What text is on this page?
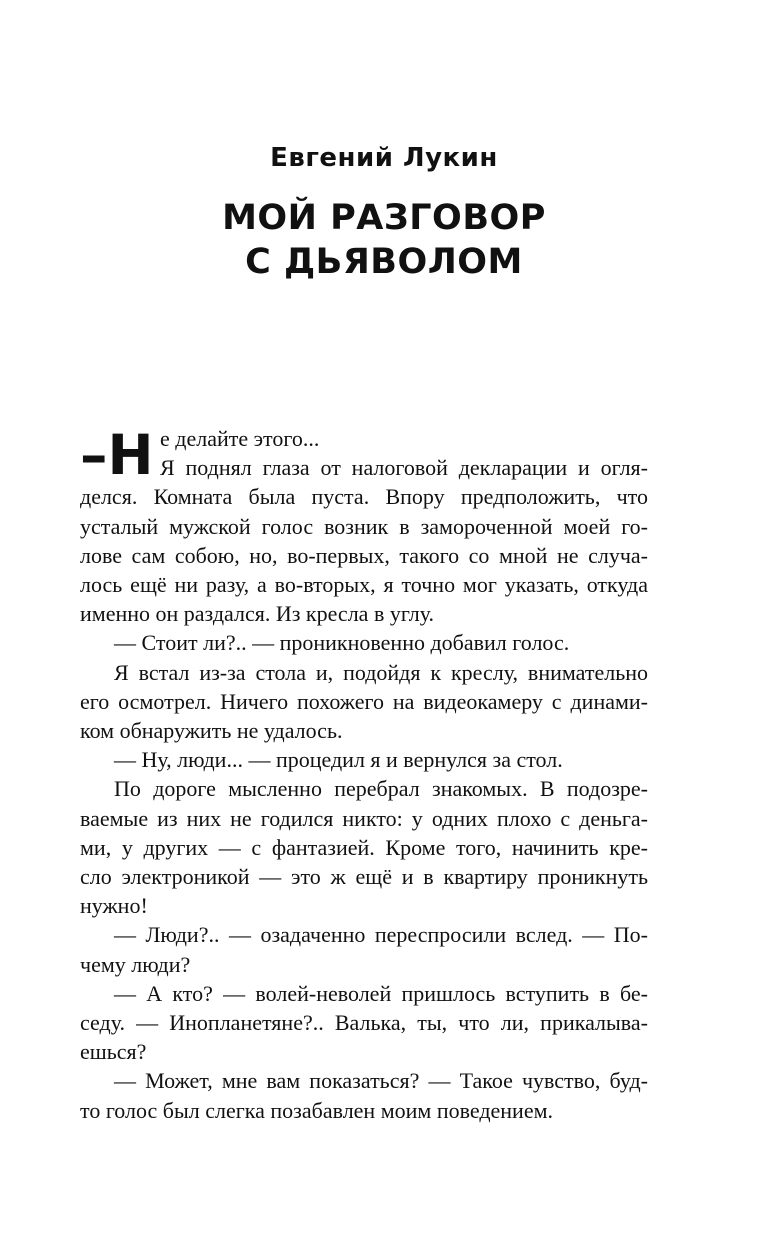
Евгений Лукин
МОЙ РАЗГОВОР
С ДЬЯВОЛОМ
–Н е делайте этого...
Я поднял глаза от налоговой декларации и огля-
делся. Комната была пуста. Впору предположить, что
усталый мужской голос возник в замороченной моей го-
лове сам собою, но, во-первых, такого со мной не случа-
лось ещё ни разу, а во-вторых, я точно мог указать, откуда
именно он раздался. Из кресла в углу.
— Стоит ли?.. — проникновенно добавил голос.
Я встал из-за стола и, подойдя к креслу, внимательно
его осмотрел. Ничего похожего на видеокамеру с динами-
ком обнаружить не удалось.
— Ну, люди... — процедил я и вернулся за стол.
По дороге мысленно перебрал знакомых. В подозре-
ваемые из них не годился никто: у одних плохо с деньга-
ми, у других — с фантазией. Кроме того, начинить кре-
сло электроникой — это ж ещё и в квартиру проникнуть
нужно!
— Люди?.. — озадаченно переспросили вслед. — По-
чему люди?
— А кто? — волей-неволей пришлось вступить в бе-
седу. — Инопланетяне?.. Валька, ты, что ли, прикалыва-
ешься?
— Может, мне вам показаться? — Такое чувство, буд-
то голос был слегка позабавлен моим поведением.
